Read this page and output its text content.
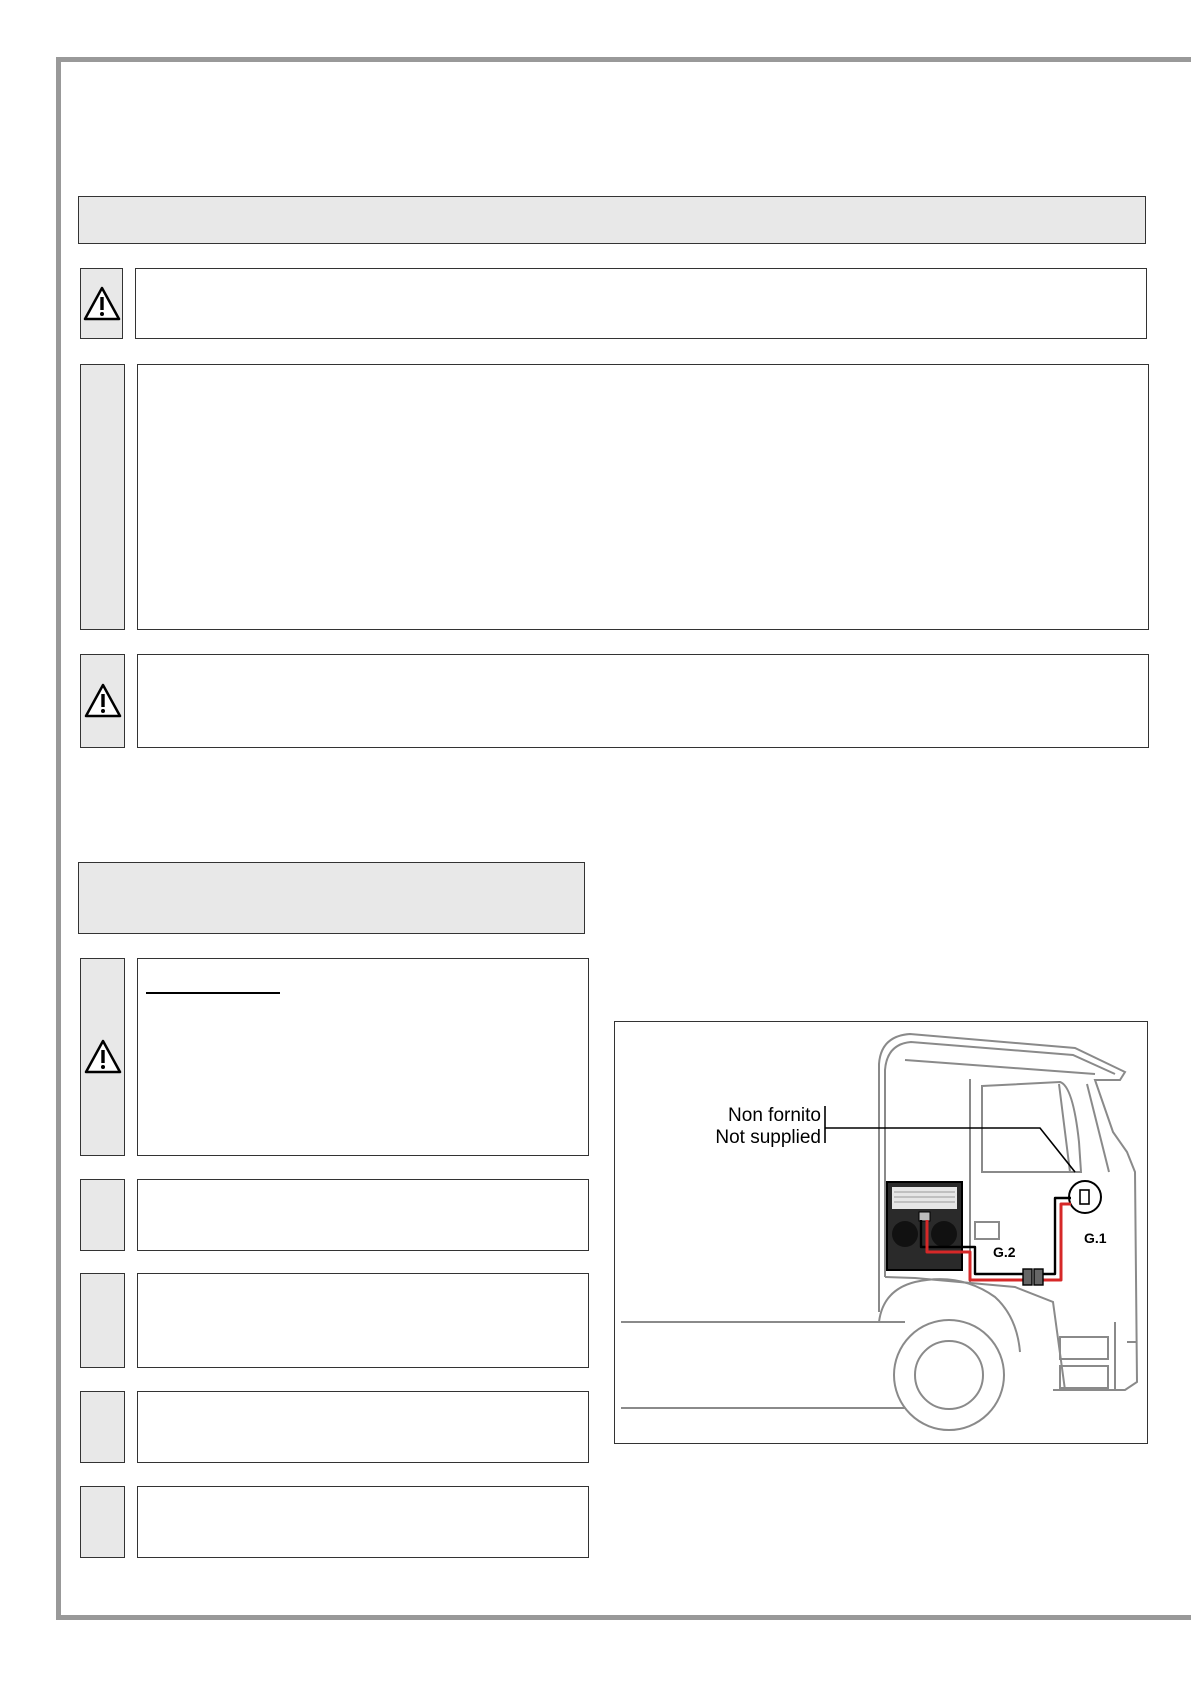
Non fornito
Not supplied
G.1
G.2
